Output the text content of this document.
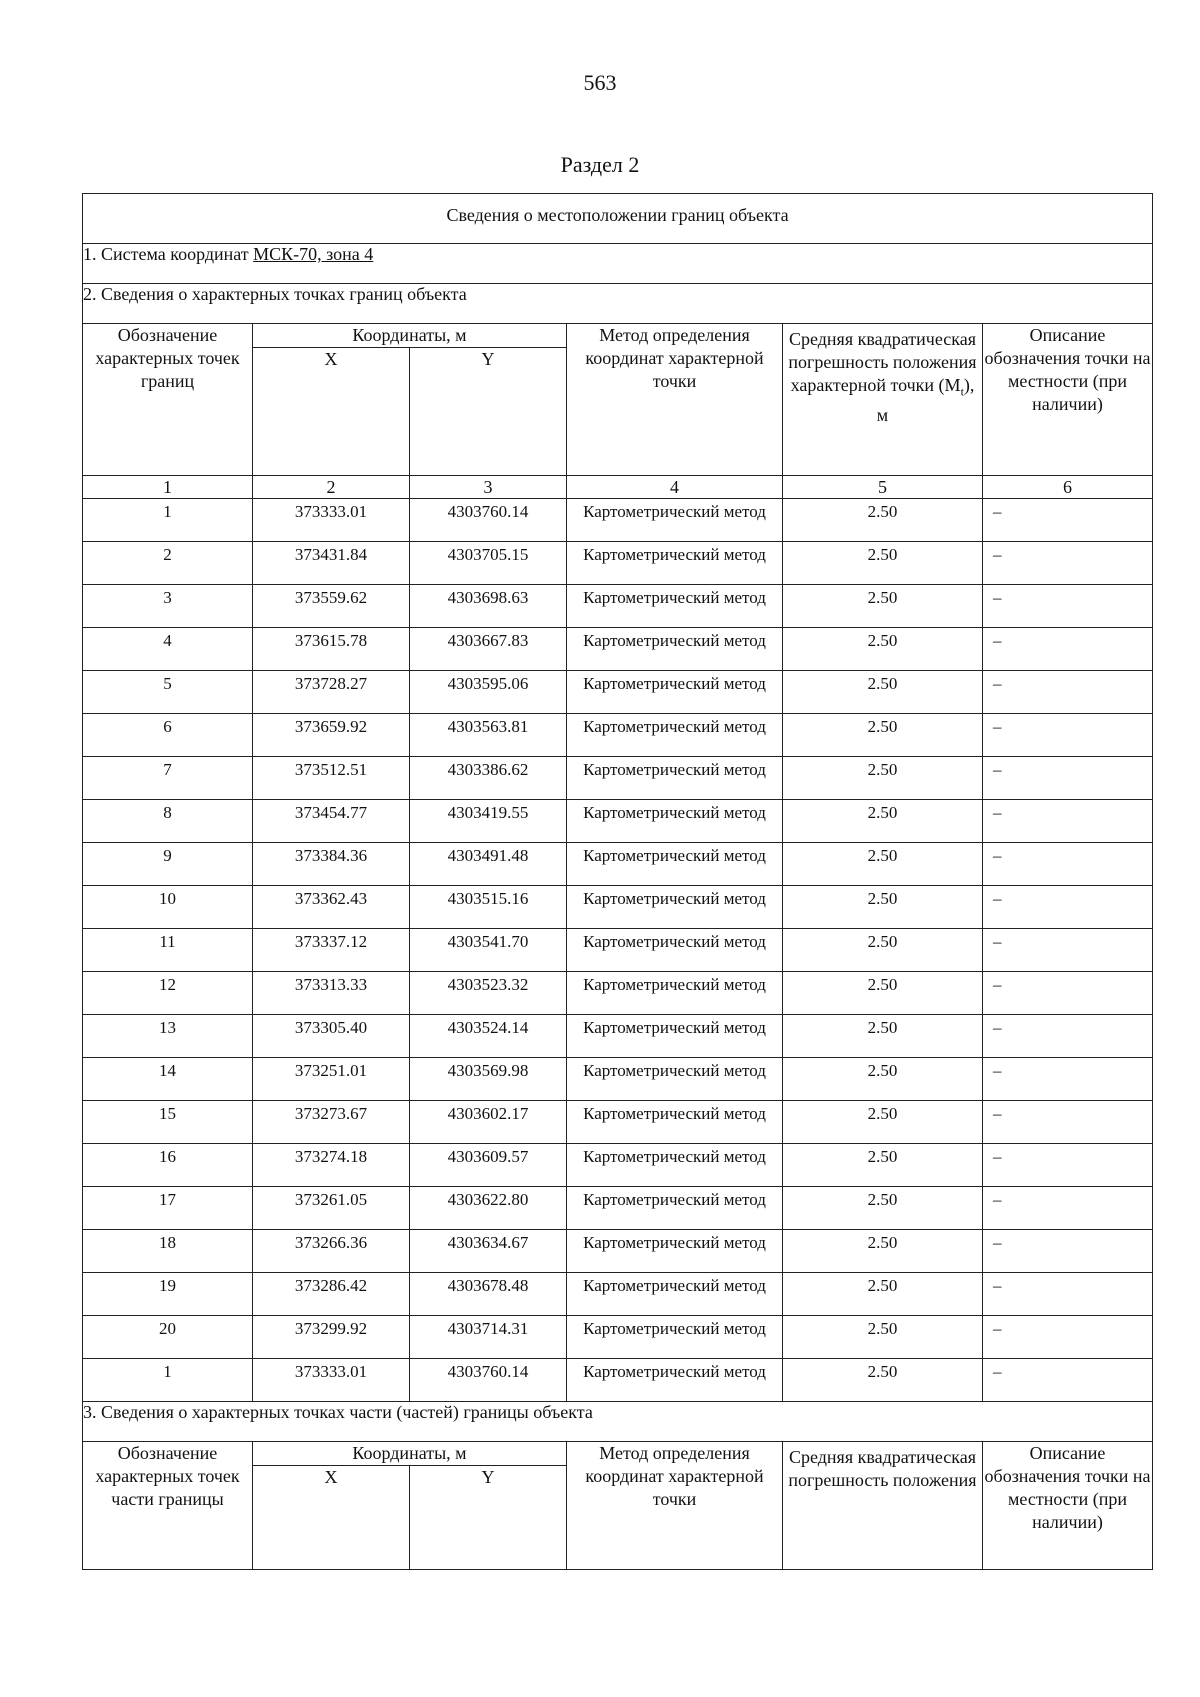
563
Раздел 2
Сведения о местоположении границ объекта					
1. Система координат МСК-70, зона 4					
2. Сведения о характерных точках границ объекта					
Обозначение характерных точек границ	Координаты, м		Метод определения координат характерной точки	Средняя квадратическая погрешность положения характерной точки $(M_t)$, м	Описание обозначения точки на местности (при наличии)
	X	Y			
1	2	3	4	5	6

1	373333.01	4303760.14	Картометрический метод	2.50	–

2	373431.84	4303705.15	Картометрический метод	2.50	–

3	373559.62	4303698.63	Картометрический метод	2.50	–

4	373615.78	4303667.83	Картометрический метод	2.50	–

5	373728.27	4303595.06	Картометрический метод	2.50	–

6	373659.92	4303563.81	Картометрический метод	2.50	–

7	373512.51	4303386.62	Картометрический метод	2.50	–

8	373454.77	4303419.55	Картометрический метод	2.50	–

9	373384.36	4303491.48	Картометрический метод	2.50	–

10	373362.43	4303515.16	Картометрический метод	2.50	–

11	373337.12	4303541.70	Картометрический метод	2.50	–

12	373313.33	4303523.32	Картометрический метод	2.50	–

13	373305.40	4303524.14	Картометрический метод	2.50	–

14	373251.01	4303569.98	Картометрический метод	2.50	–

15	373273.67	4303602.17	Картометрический метод	2.50	–

16	373274.18	4303609.57	Картометрический метод	2.50	–

17	373261.05	4303622.80	Картометрический метод	2.50	–

18	373266.36	4303634.67	Картометрический метод	2.50	–

19	373286.42	4303678.48	Картометрический метод	2.50	–

20	373299.92	4303714.31	Картометрический метод	2.50	–

1	373333.01	4303760.14	Картометрический метод	2.50	–

3. Сведения о характерных точках части (частей) границы объекта					
Обозначение характерных точек части границы	Координаты, м		Метод определения координат характерной точки	Средняя квадратическая погрешность положения	Описание обозначения точки на местности (при наличии)
	X	Y			
